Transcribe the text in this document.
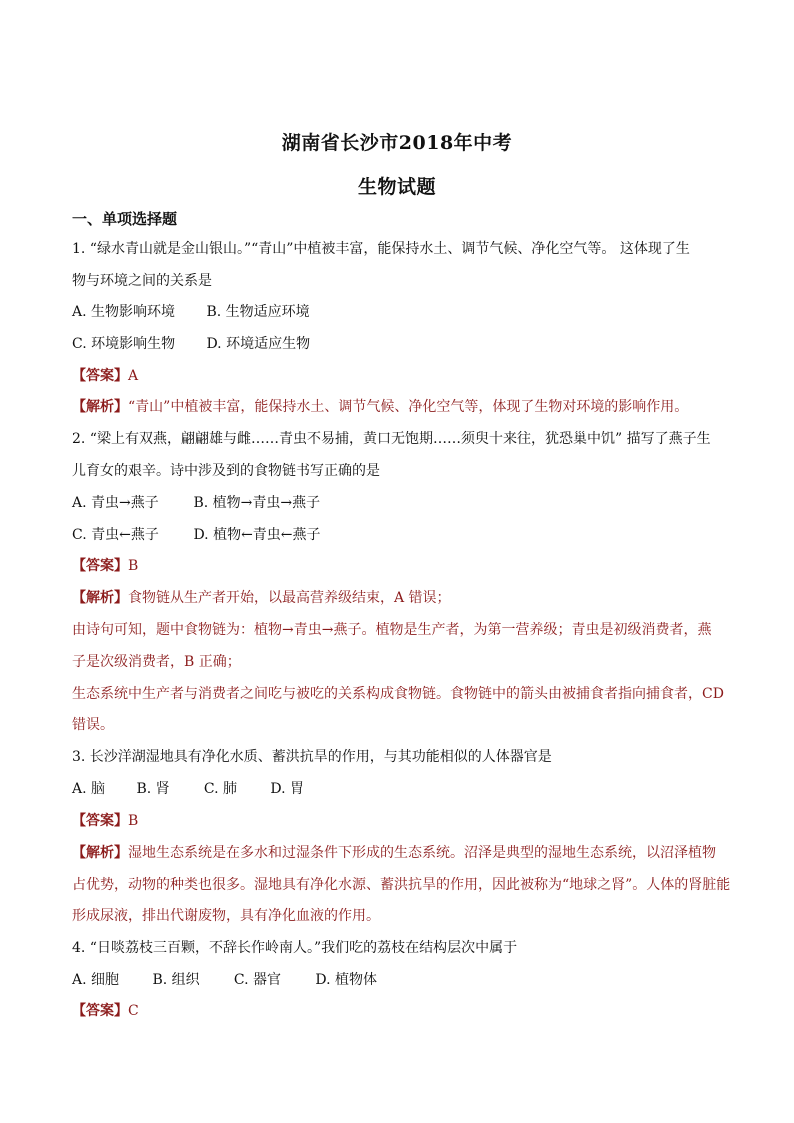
湖南省长沙市2018年中考
生物试题
一、单项选择题
1. “绿水青山就是金山银山。”“青山”中植被丰富，能保持水土、调节气候、净化空气等。 这体现了生
物与环境之间的关系是
A. 生物影响环境 B. 生物适应环境
C. 环境影响生物 D. 环境适应生物
【答案】A
【解析】“青山”中植被丰富，能保持水土、调节气候、净化空气等，体现了生物对环境的影响作用。
2. “梁上有双燕，翩翩雄与雌……青虫不易捕，黄口无饱期……须臾十来往，犹恐巢中饥” 描写了燕子生
儿育女的艰辛。诗中涉及到的食物链书写正确的是
A. 青虫→燕子 B. 植物→青虫→燕子
C. 青虫←燕子 D. 植物←青虫←燕子
【答案】B
【解析】食物链从生产者开始，以最高营养级结束，A 错误；
由诗句可知，题中食物链为：植物→青虫→燕子。植物是生产者，为第一营养级；青虫是初级消费者，燕
子是次级消费者，B 正确；
生态系统中生产者与消费者之间吃与被吃的关系构成食物链。食物链中的箭头由被捕食者指向捕食者，CD
错误。
3. 长沙洋湖湿地具有净化水质、蓄洪抗旱的作用，与其功能相似的人体器官是
A. 脑 B. 肾 C. 肺 D. 胃
【答案】B
【解析】湿地生态系统是在多水和过湿条件下形成的生态系统。沼泽是典型的湿地生态系统，以沼泽植物
占优势，动物的种类也很多。湿地具有净化水源、蓄洪抗旱的作用，因此被称为“地球之肾”。人体的肾脏能
形成尿液，排出代谢废物，具有净化血液的作用。
4. “日啖荔枝三百颗，不辞长作岭南人。”我们吃的荔枝在结构层次中属于
A. 细胞 B. 组织 C. 器官 D. 植物体
【答案】C
